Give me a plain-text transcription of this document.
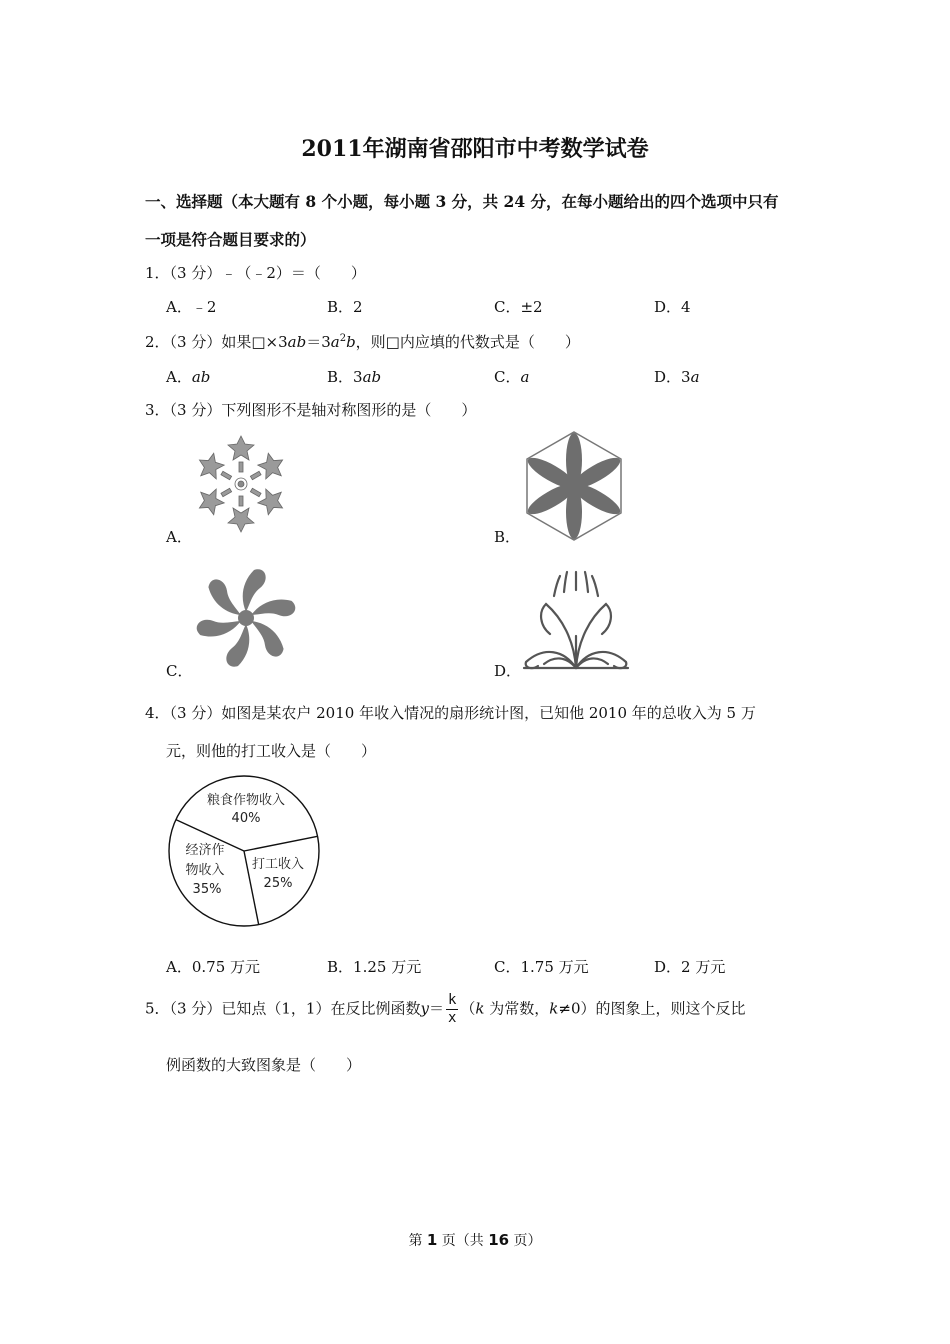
2011年湖南省邵阳市中考数学试卷
一、选择题（本大题有 8 个小题，每小题 3 分，共 24 分，在每小题给出的四个选项中只有
一项是符合题目要求的）
1．（3 分）﹣（﹣2）＝（　　）
A．﹣2	B．2	C．±2	D．4
2．（3 分）如果$□\times 3ab=3a^2b$，则□内应填的代数式是（　　）
A．ab	B．3ab	C．a	D．3a
3．（3 分）下列图形不是轴对称图形的是（　　）
A．	B．
C．	D．
4．（3 分）如图是某农户 2010 年收入情况的扇形统计图，已知他 2010 年的总收入为 5 万
元，则他的打工收入是（　　）
粮食作物收入
40%
打工收入
25%
经济作
物收入
35%
A．0.75 万元	B．1.25 万元	C．1.75 万元	D．2 万元
5．（3 分）已知点（1，1）在反比例函数$y= \frac{k}{x} (k$ 为常数，k≠0）的图象上，则这个反比
例函数的大致图象是（　　）
第 1 页（共 16 页）
